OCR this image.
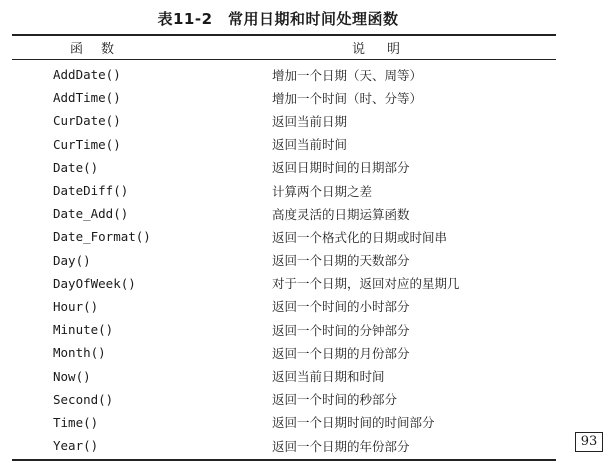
表11-2　常用日期和时间处理函数
函数	说明
AddDate()	增加一个日期（天、周等）
AddTime()	增加一个时间（时、分等）
CurDate()	返回当前日期
CurTime()	返回当前时间
Date()	返回日期时间的日期部分
DateDiff()	计算两个日期之差
Date_Add()	高度灵活的日期运算函数
Date_Format()	返回一个格式化的日期或时间串
Day()	返回一个日期的天数部分
DayOfWeek()	对于一个日期，返回对应的星期几
Hour()	返回一个时间的小时部分
Minute()	返回一个时间的分钟部分
Month()	返回一个日期的月份部分
Now()	返回当前日期和时间
Second()	返回一个时间的秒部分
Time()	返回一个日期时间的时间部分
Year()	返回一个日期的年份部分	93
